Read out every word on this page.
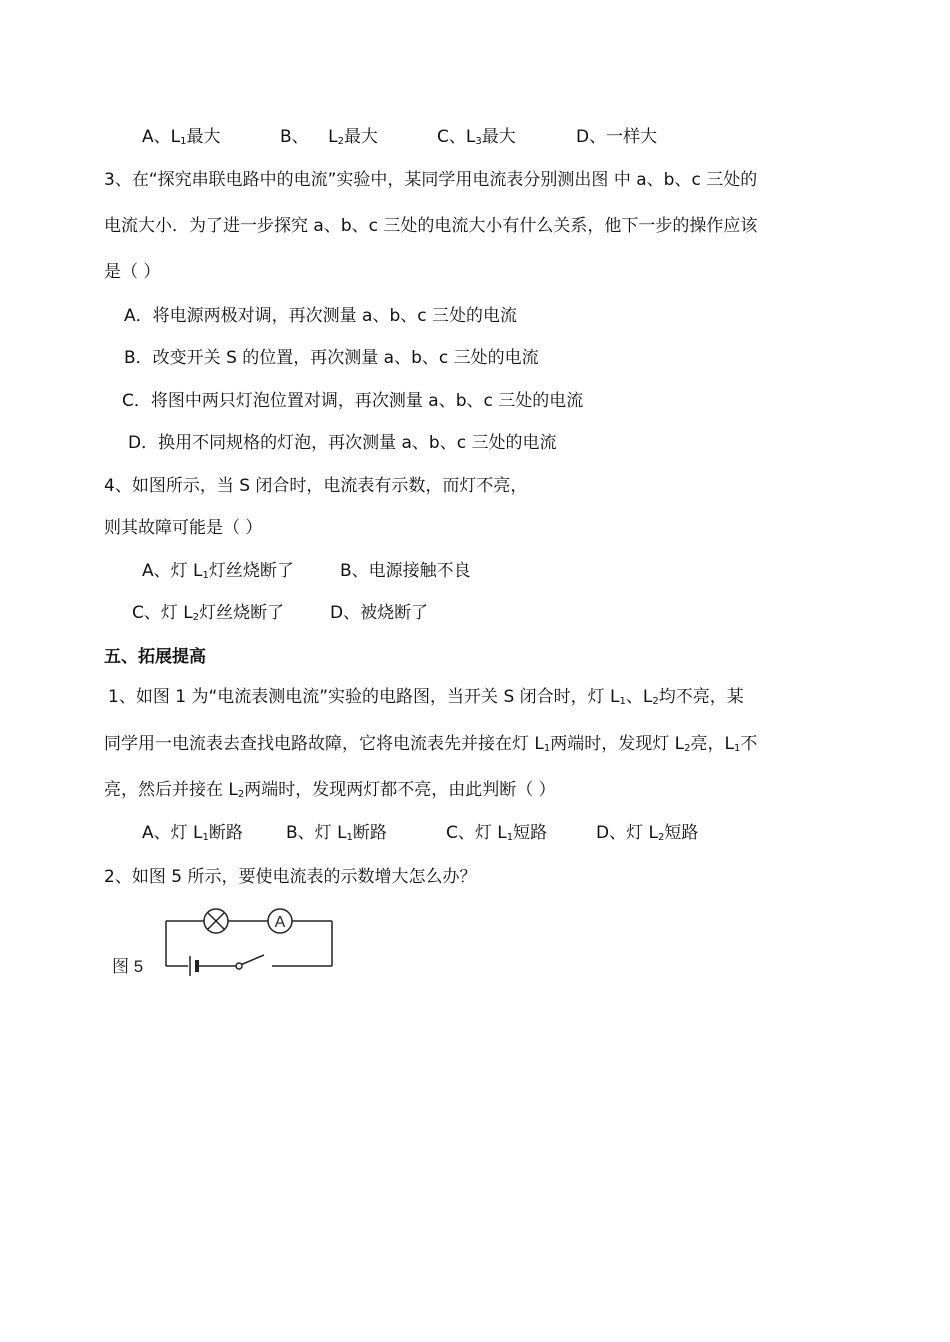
A、$L_1$最大	B、 $L_2$最大	C、$L_3$最大	D、一样大
3、在“探究串联电路中的电流”实验中，某同学用电流表分别测出图 中 a、b、c 三处的
电流大小．为了进一步探究 a、b、c 三处的电流大小有什么关系，他下一步的操作应该
是（ ）
A．将电源两极对调，再次测量 a、b、c 三处的电流
B．改变开关 S 的位置，再次测量 a、b、c 三处的电流
C．将图中两只灯泡位置对调，再次测量 a、b、c 三处的电流
D．换用不同规格的灯泡，再次测量 a、b、c 三处的电流
4、如图所示，当 S 闭合时，电流表有示数，而灯不亮，
则其故障可能是（ ）
A、灯 $L_1$灯丝烧断了	B、电源接触不良
C、灯 $L_2$灯丝烧断了	D、被烧断了
五、拓展提高
1、如图 1 为“电流表测电流”实验的电路图，当开关 S 闭合时，灯 $L_1$、$L_2$均不亮，某
同学用一电流表去查找电路故障，它将电流表先并接在灯 $L_1$两端时，发现灯 $L_2$亮，$L_1$不
亮，然后并接在 $L_2$两端时，发现两灯都不亮，由此判断（ ）
A、灯 $L_1$断路	B、灯 $L_1$断路	C、灯 $L_1$短路	D、灯 $L_2$短路
2、如图 5 所示，要使电流表的示数增大怎么办？
图 5
A
